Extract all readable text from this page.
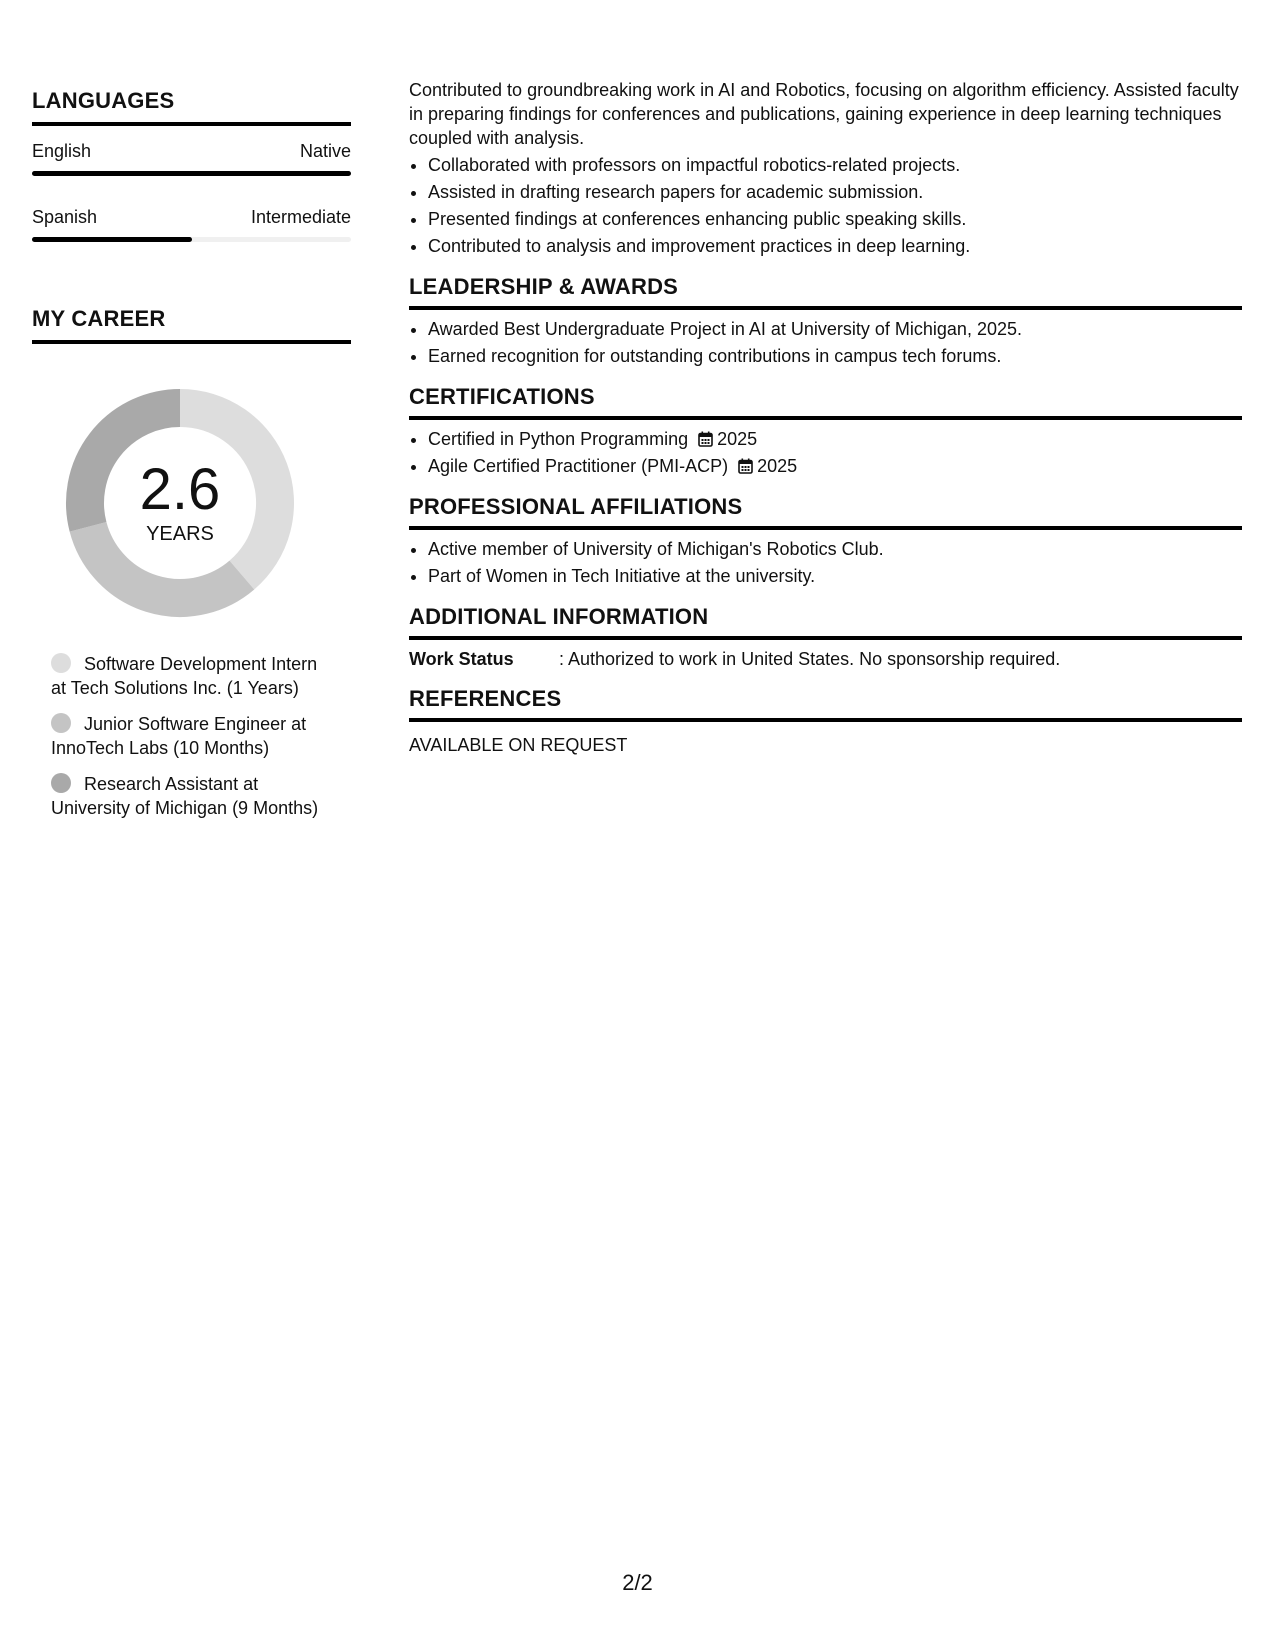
LANGUAGES
English	Native
Spanish	Intermediate
MY CAREER
2.6
YEARS
Software Development Intern at Tech Solutions Inc. (1 Years)
Junior Software Engineer at InnoTech Labs (10 Months)
Research Assistant at University of Michigan (9 Months)

Contributed to groundbreaking work in AI and Robotics, focusing on algorithm efficiency. Assisted faculty in preparing findings for conferences and publications, gaining experience in deep learning techniques coupled with analysis.

• Collaborated with professors on impactful robotics-related projects.
• Assisted in drafting research papers for academic submission.
• Presented findings at conferences enhancing public speaking skills.
• Contributed to analysis and improvement practices in deep learning.
LEADERSHIP & AWARDS
• Awarded Best Undergraduate Project in AI at University of Michigan, 2025.
• Earned recognition for outstanding contributions in campus tech forums.
CERTIFICATIONS
• Certified in Python Programming 2025
• Agile Certified Practitioner (PMI-ACP) 2025
PROFESSIONAL AFFILIATIONS
• Active member of University of Michigan's Robotics Club.
• Part of Women in Tech Initiative at the university.
ADDITIONAL INFORMATION
Work Status	: Authorized to work in United States. No sponsorship required.
REFERENCES
AVAILABLE ON REQUEST
2/2
